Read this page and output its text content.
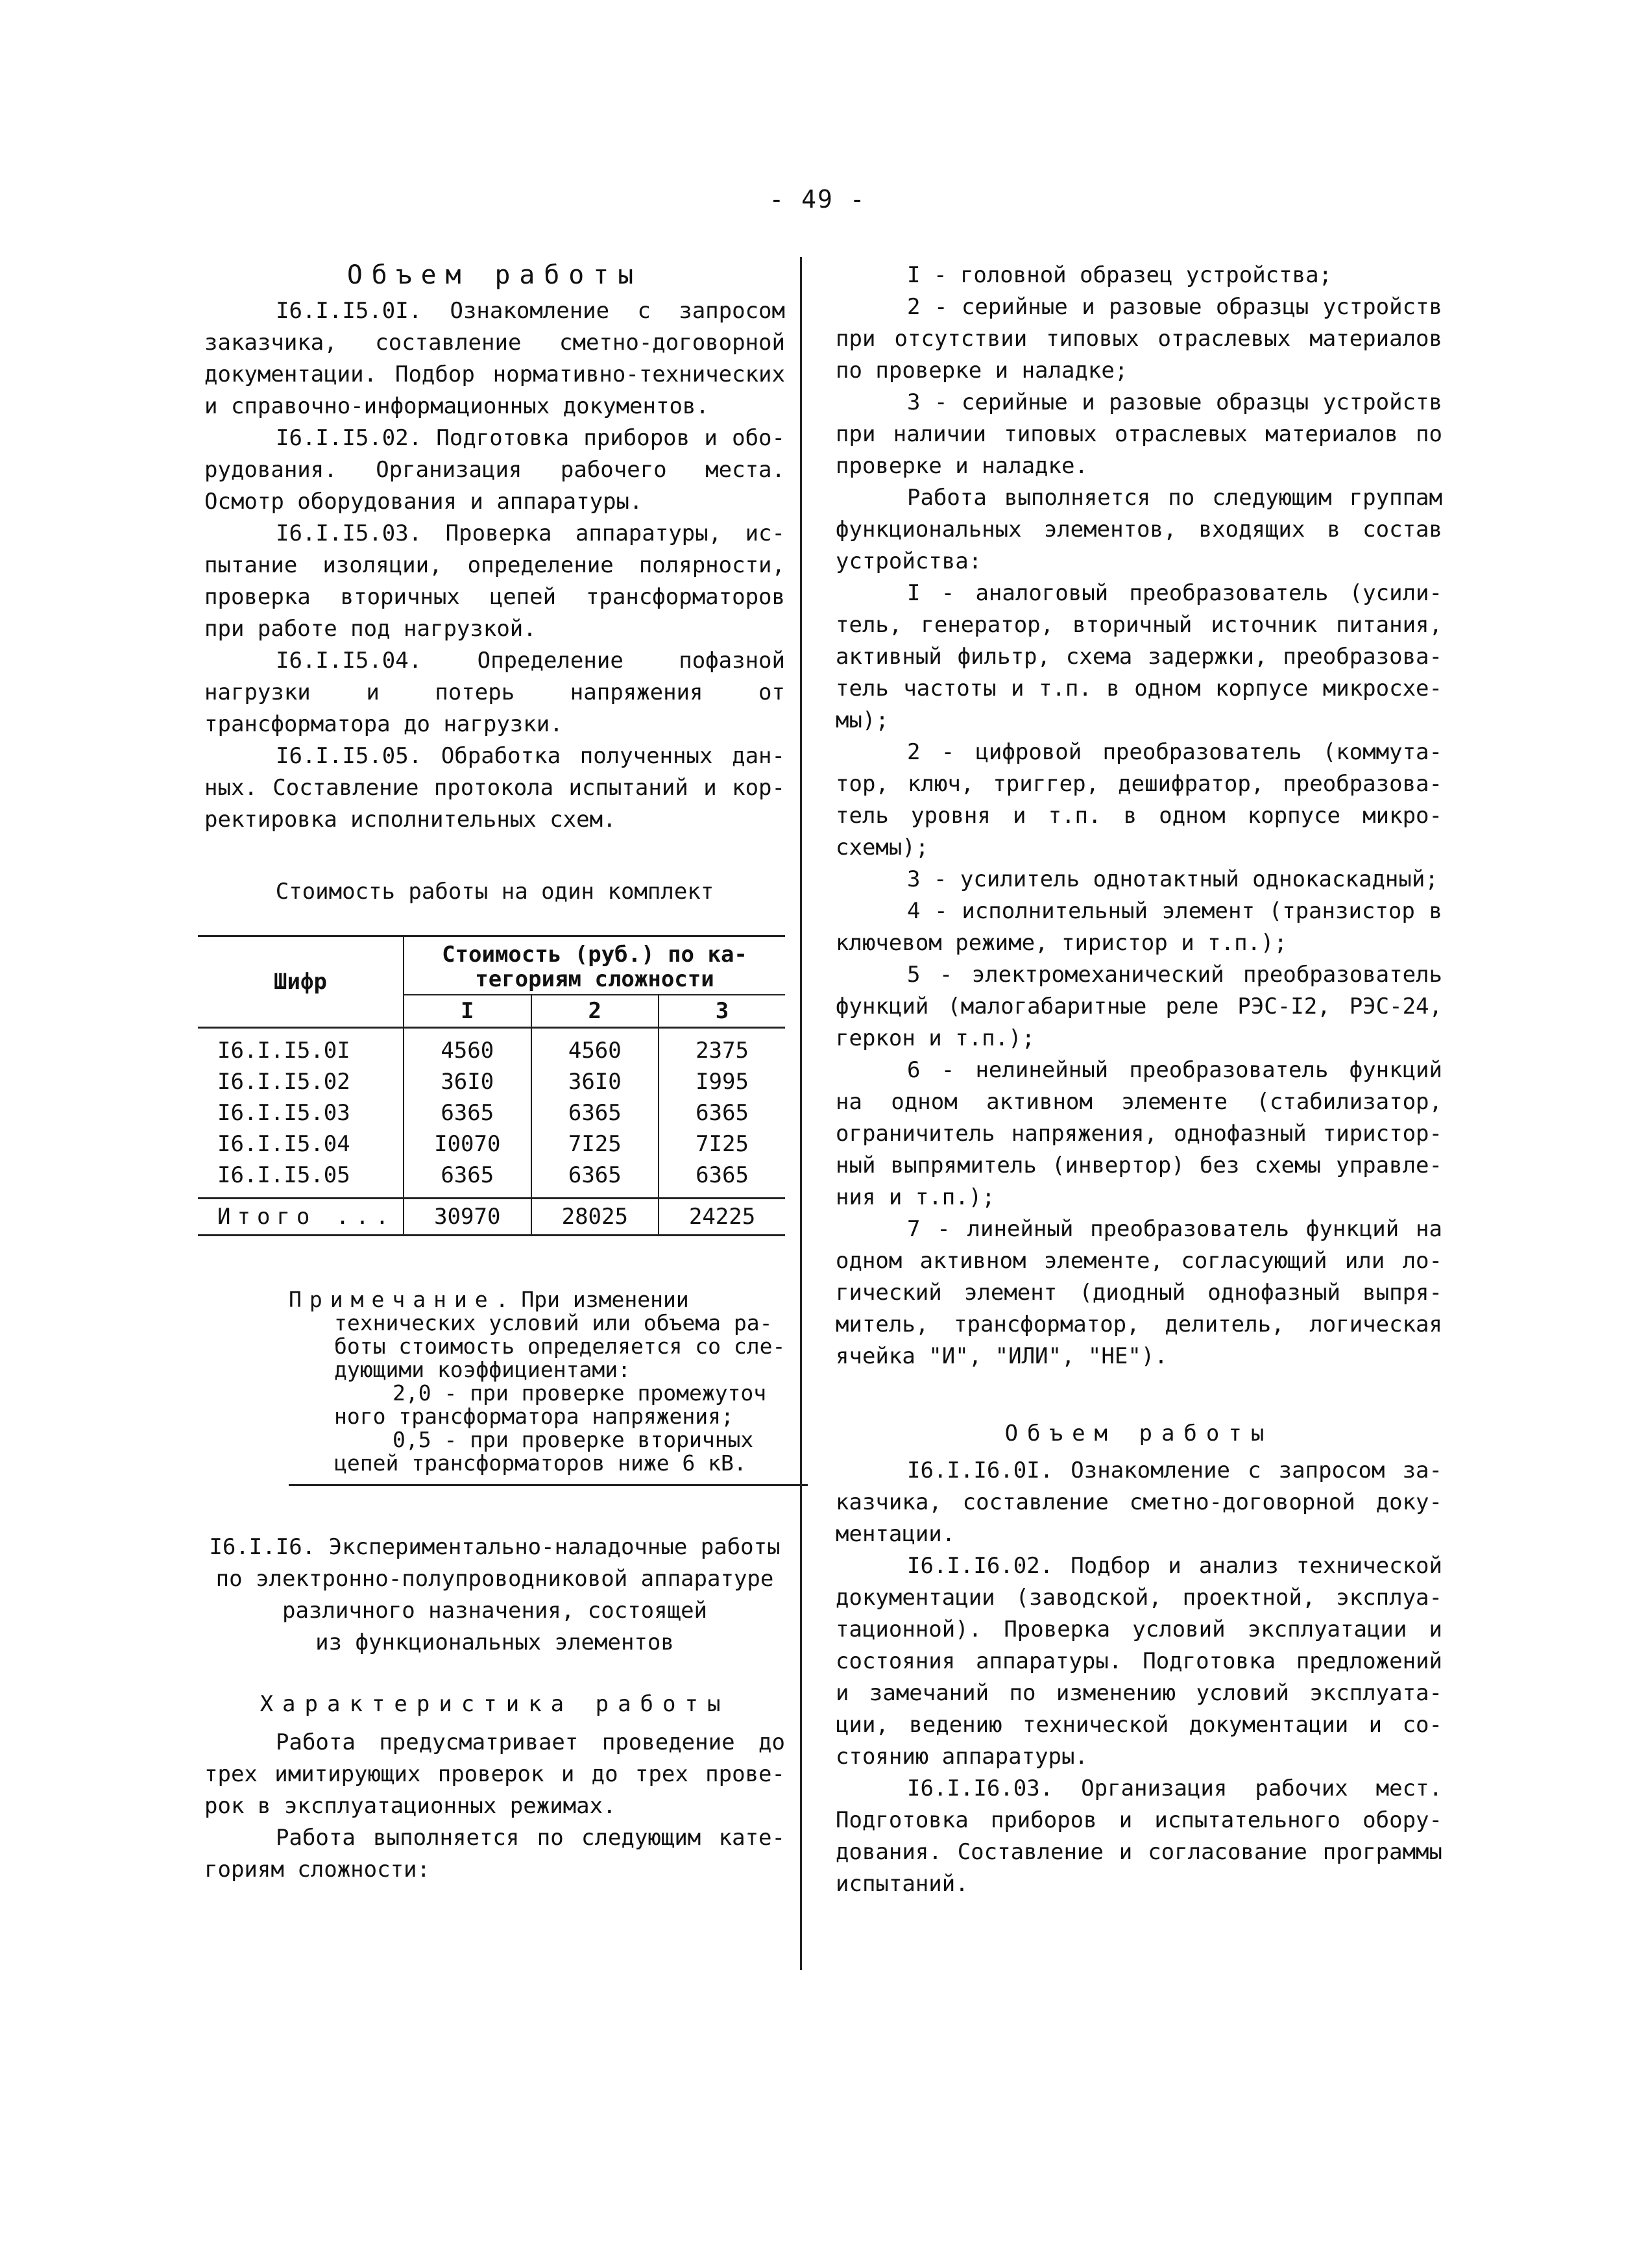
- 49 -
Объем работы

I6.I.I5.0I. Ознакомление с запросом заказчика, составление сметно-договорной документации. Подбор нормативно-технических и справочно-информационных документов.

I6.I.I5.02. Подготовка приборов и оборудования. Организация рабочего места. Осмотр оборудования и аппаратуры.

I6.I.I5.03. Проверка аппаратуры, испытание изоляции, определение полярности, проверка вторичных цепей трансформаторов при работе под нагрузкой.

I6.I.I5.04. Определение пофазной нагрузки и потерь напряжения от трансформатора до нагрузки.

I6.I.I5.05. Обработка полученных данных. Составление протокола испытаний и корректировка исполнительных схем.

Стоимость работы на один комплект
Шифр	Стоимость (руб.) по категориям сложности		
	I	2	3
I6.I.I5.0I	4560	4560	2375
I6.I.I5.02	36I0	36I0	I995
I6.I.I5.03	6365	6365	6365
I6.I.I5.04	I0070	7I25	7I25
I6.I.I5.05	6365	6365	6365
Итого ...	30970	28025	24225

Примечание. При изменении

технических условий или объема работы стоимость определяется со следующими коэффициентами:

2,0 - при проверке промежуточ

ного трансформатора напряжения;

0,5 - при проверке вторичных

цепей трансформаторов ниже 6 кВ.

I6.I.I6. Экспериментально-наладочные работы

по электронно-полупроводниковой аппаратуре

различного назначения, состоящей

из функциональных элементов

Характеристика работы

Работа предусматривает проведение до трех имитирующих проверок и до трех проверок в эксплуатационных режимах.

Работа выполняется по следующим категориям сложности:

I - головной образец устройства;

2 - серийные и разовые образцы устройств при отсутствии типовых отраслевых материалов по проверке и наладке;

3 - серийные и разовые образцы устройств при наличии типовых отраслевых материалов по проверке и наладке.

Работа выполняется по следующим группам функциональных элементов, входящих в состав устройства:

I - аналоговый преобразователь (усилитель, генератор, вторичный источник питания, активный фильтр, схема задержки, преобразователь частоты и т.п. в одном корпусе микросхемы);

2 - цифровой преобразователь (коммутатор, ключ, триггер, дешифратор, преобразователь уровня и т.п. в одном корпусе микросхемы);

3 - усилитель однотактный однокаскадный;

4 - исполнительный элемент (транзистор в ключевом режиме, тиристор и т.п.);

5 - электромеханический преобразователь функций (малогабаритные реле РЭС-I2, РЭС-24, геркон и т.п.);

6 - нелинейный преобразователь функций на одном активном элементе (стабилизатор, ограничитель напряжения, однофазный тиристорный выпрямитель (инвертор) без схемы управления и т.п.);

7 - линейный преобразователь функций на одном активном элементе, согласующий или логический элемент (диодный однофазный выпрямитель, трансформатор, делитель, логическая ячейка "И", "ИЛИ", "НЕ").

Объем работы

I6.I.I6.0I. Ознакомление с запросом заказчика, составление сметно-договорной документации.

I6.I.I6.02. Подбор и анализ технической документации (заводской, проектной, эксплуатационной). Проверка условий эксплуатации и состояния аппаратуры. Подготовка предложений и замечаний по изменению условий эксплуатации, ведению технической документации и состоянию аппаратуры.

I6.I.I6.03. Организация рабочих мест. Подготовка приборов и испытательного оборудования. Составление и согласование программы испытаний.
